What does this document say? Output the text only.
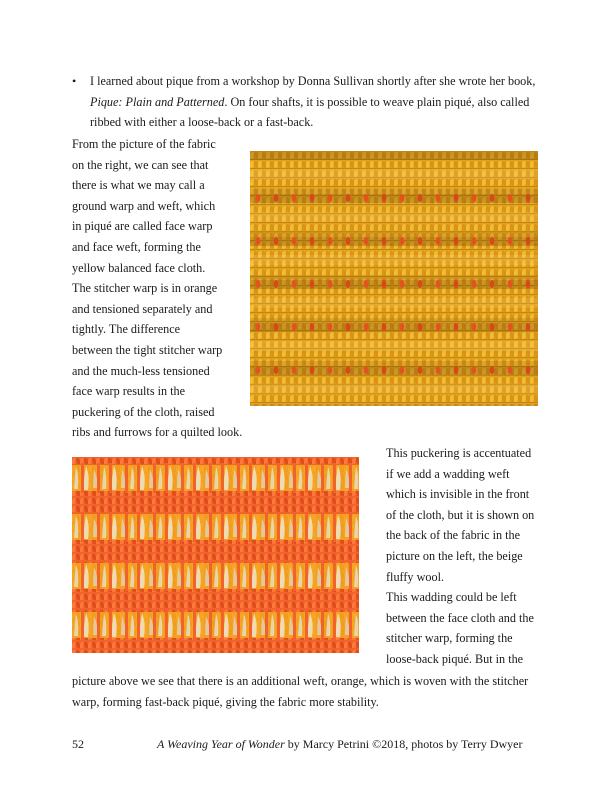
• I learned about pique from a workshop by Donna Sullivan shortly after she wrote her book,

Pique: Plain and Patterned. On four shafts, it is possible to weave plain piqué, also called

ribbed with either a loose-back or a fast-back.

From the picture of the fabric

on the right, we can see that

there is what we may call a

ground warp and weft, which

in piqué are called face warp

and face weft, forming the

yellow balanced face cloth.

The stitcher warp is in orange

and tensioned separately and

tightly. The difference

between the tight stitcher warp

and the much-less tensioned

face warp results in the

puckering of the cloth, raised

ribs and furrows for a quilted look.

This puckering is accentuated

if we add a wadding weft

which is invisible in the front

of the cloth, but it is shown on

the back of the fabric in the

picture on the left, the beige

fluffy wool.

This wadding could be left

between the face cloth and the

stitcher warp, forming the

loose-back piqué. But in the

picture above we see that there is an additional weft, orange, which is woven with the stitcher

warp, forming fast-back piqué, giving the fabric more stability.

52	A Weaving Year of Wonder by Marcy Petrini ©2018, photos by Terry Dwyer
